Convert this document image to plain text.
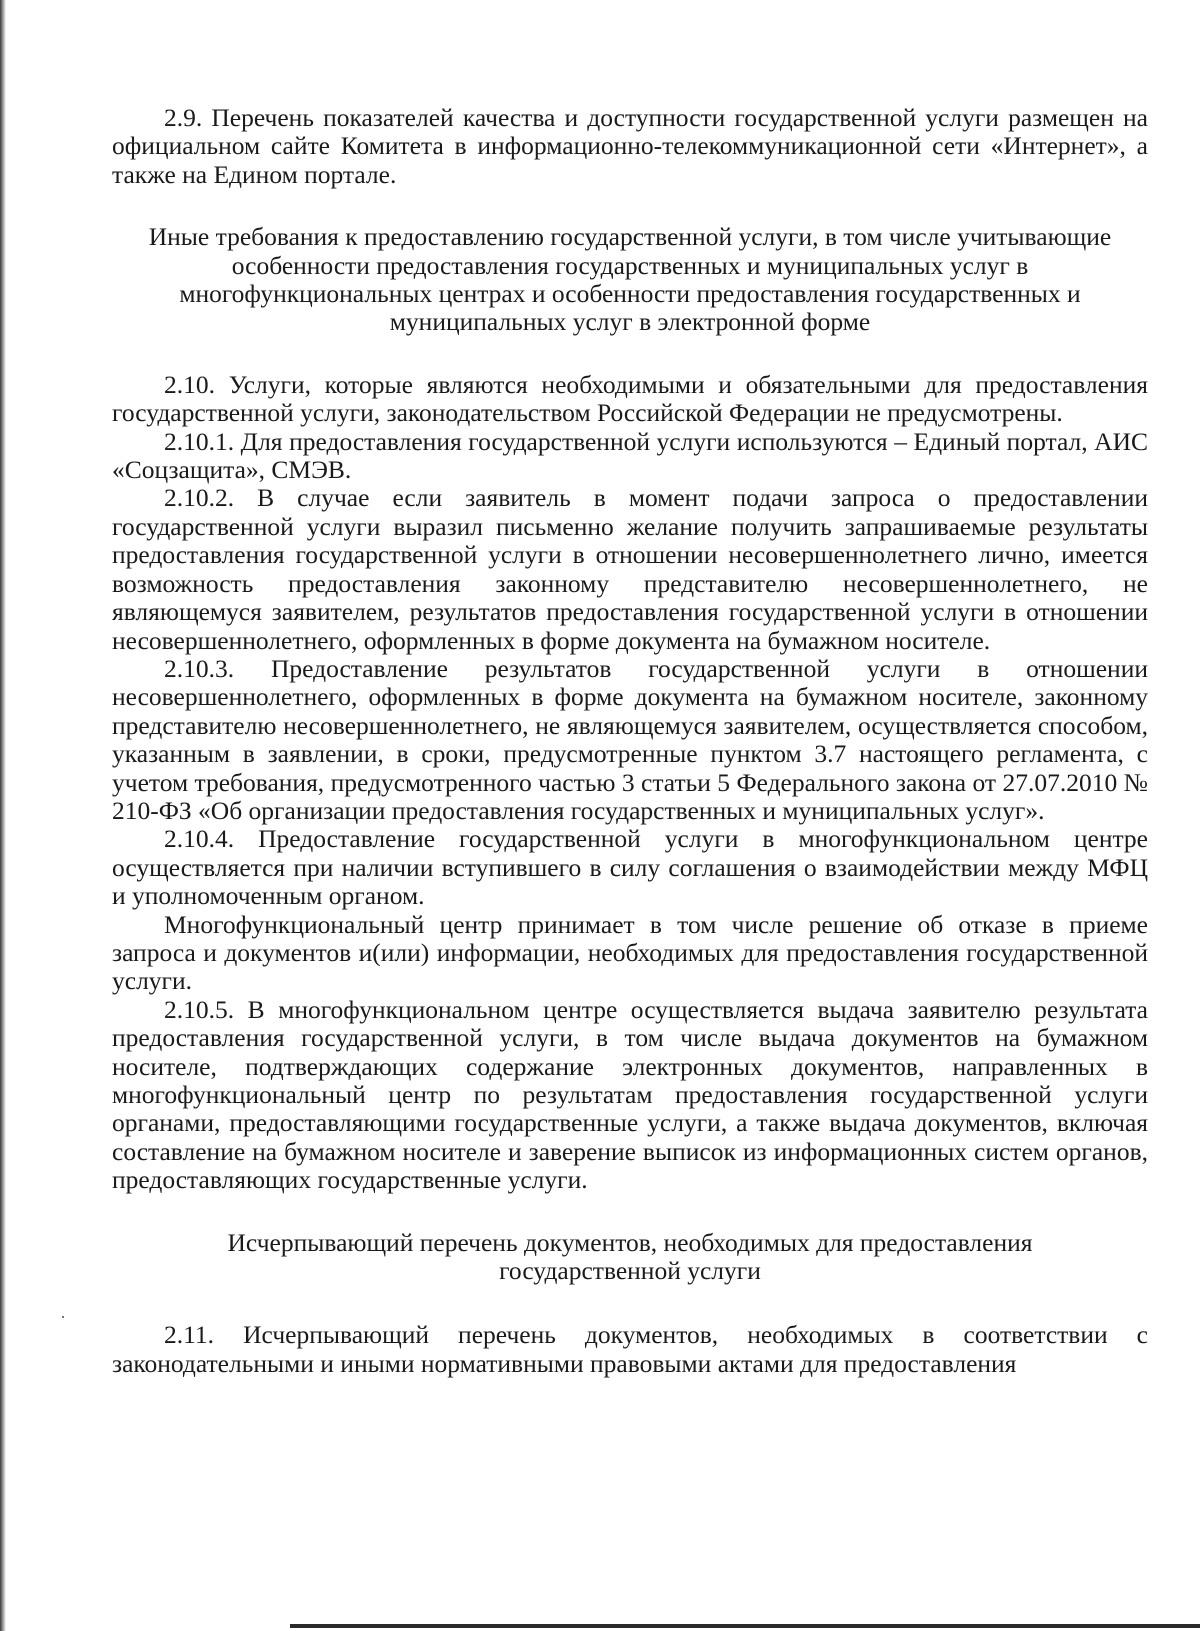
2.9. Перечень показателей качества и доступности государственной услуги размещен на официальном сайте Комитета в информационно-телекоммуникационной сети «Интернет», а также на Едином портале.

Иные требования к предоставлению государственной услуги, в том числе учитывающие особенности предоставления государственных и муниципальных услуг в многофункциональных центрах и особенности предоставления государственных и муниципальных услуг в электронной форме

2.10. Услуги, которые являются необходимыми и обязательными для предоставления государственной услуги, законодательством Российской Федерации не предусмотрены.

2.10.1. Для предоставления государственной услуги используются – Единый портал, АИС «Соцзащита», СМЭВ.

2.10.2. В случае если заявитель в момент подачи запроса о предоставлении государственной услуги выразил письменно желание получить запрашиваемые результаты предоставления государственной услуги в отношении несовершеннолетнего лично, имеется возможность предоставления законному представителю несовершеннолетнего, не являющемуся заявителем, результатов предоставления государственной услуги в отношении несовершеннолетнего, оформленных в форме документа на бумажном носителе.

2.10.3. Предоставление результатов государственной услуги в отношении несовершеннолетнего, оформленных в форме документа на бумажном носителе, законному представителю несовершеннолетнего, не являющемуся заявителем, осуществляется способом, указанным в заявлении, в сроки, предусмотренные пунктом 3.7 настоящего регламента, с учетом требования, предусмотренного частью 3 статьи 5 Федерального закона от 27.07.2010 № 210-ФЗ «Об организации предоставления государственных и муниципальных услуг».

2.10.4. Предоставление государственной услуги в многофункциональном центре осуществляется при наличии вступившего в силу соглашения о взаимодействии между МФЦ и уполномоченным органом.

Многофункциональный центр принимает в том числе решение об отказе в приеме запроса и документов и(или) информации, необходимых для предоставления государственной услуги.

2.10.5. В многофункциональном центре осуществляется выдача заявителю результата предоставления государственной услуги, в том числе выдача документов на бумажном носителе, подтверждающих содержание электронных документов, направленных в многофункциональный центр по результатам предоставления государственной услуги органами, предоставляющими государственные услуги, а также выдача документов, включая составление на бумажном носителе и заверение выписок из информационных систем органов, предоставляющих государственные услуги.

Исчерпывающий перечень документов, необходимых для предоставления государственной услуги

2.11. Исчерпывающий перечень документов, необходимых в соответствии с законодательными и иными нормативными правовыми актами для предоставления
